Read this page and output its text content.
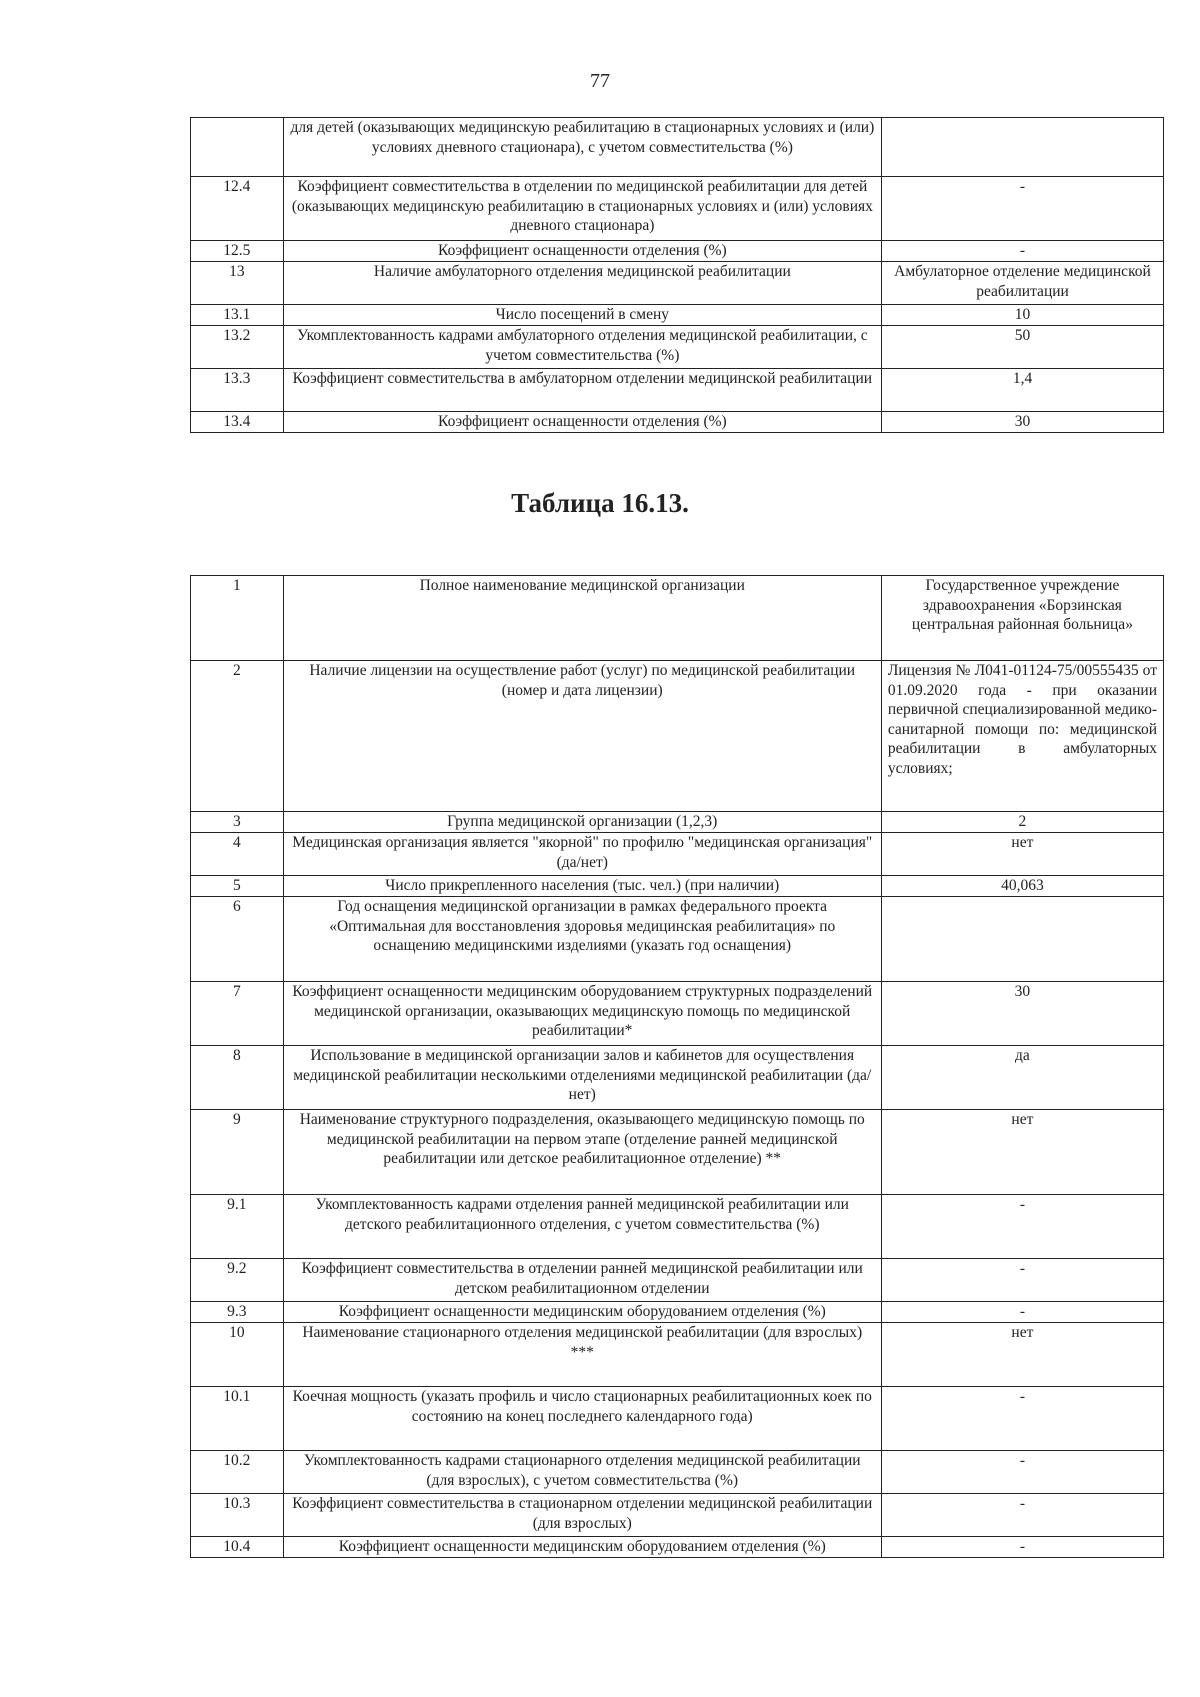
77
	для детей (оказывающих медицинскую реабилитацию в стационарных условиях и (или) условиях дневного стационара), с учетом совместительства (%)	
12.4	Коэффициент совместительства в отделении по медицинской реабилитации для детей (оказывающих медицинскую реабилитацию в стационарных условиях и (или) условиях дневного стационара)	-
12.5	Коэффициент оснащенности отделения (%)	-
13	Наличие амбулаторного отделения медицинской реабилитации	Амбулаторное отделение медицинской реабилитации
13.1	Число посещений в смену	10
13.2	Укомплектованность кадрами амбулаторного отделения медицинской реабилитации, с учетом совместительства (%)	50
13.3	Коэффициент совместительства в амбулаторном отделении медицинской реабилитации	1,4
13.4	Коэффициент оснащенности отделения (%)	30
Таблица 16.13.
1	Полное наименование медицинской организации	Государственное учреждение здравоохранения «Борзинская центральная районная больница»
2	Наличие лицензии на осуществление работ (услуг) по медицинской реабилитации (номер и дата лицензии)	Лицензия № Л041-01124-75/00555435 от 01.09.2020 года - при оказании первичной специализированной медико-санитарной помощи по: медицинской реабилитации в амбулаторных условиях;

3	Группа медицинской организации (1,2,3)	2
4	Медицинская организация является "якорной" по профилю "медицинская организация" (да/нет)	нет
5	Число прикрепленного населения (тыс. чел.) (при наличии)	40,063
6	Год оснащения медицинской организации в рамках федерального проекта «Оптимальная для восстановления здоровья медицинская реабилитация» по оснащению медицинскими изделиями (указать год оснащения)	
7	Коэффициент оснащенности медицинским оборудованием структурных подразделений медицинской организации, оказывающих медицинскую помощь по медицинской реабилитации*	30
8	Использование в медицинской организации залов и кабинетов для осуществления медицинской реабилитации несколькими отделениями медицинской реабилитации (да/нет)	да
9	Наименование структурного подразделения, оказывающего медицинскую помощь по медицинской реабилитации на первом этапе (отделение ранней медицинской реабилитации или детское реабилитационное отделение) **	нет
9.1	Укомплектованность кадрами отделения ранней медицинской реабилитации или детского реабилитационного отделения, с учетом совместительства (%)	-
9.2	Коэффициент совместительства в отделении ранней медицинской реабилитации или детском реабилитационном отделении	-
9.3	Коэффициент оснащенности медицинским оборудованием отделения (%)	-
10	Наименование стационарного отделения медицинской реабилитации (для взрослых) ***	нет
10.1	Коечная мощность (указать профиль и число стационарных реабилитационных коек по состоянию на конец последнего календарного года)	-
10.2	Укомплектованность кадрами стационарного отделения медицинской реабилитации (для взрослых), с учетом совместительства (%)	-
10.3	Коэффициент совместительства в стационарном отделении медицинской реабилитации (для взрослых)	-
10.4	Коэффициент оснащенности медицинским оборудованием отделения (%)	-
